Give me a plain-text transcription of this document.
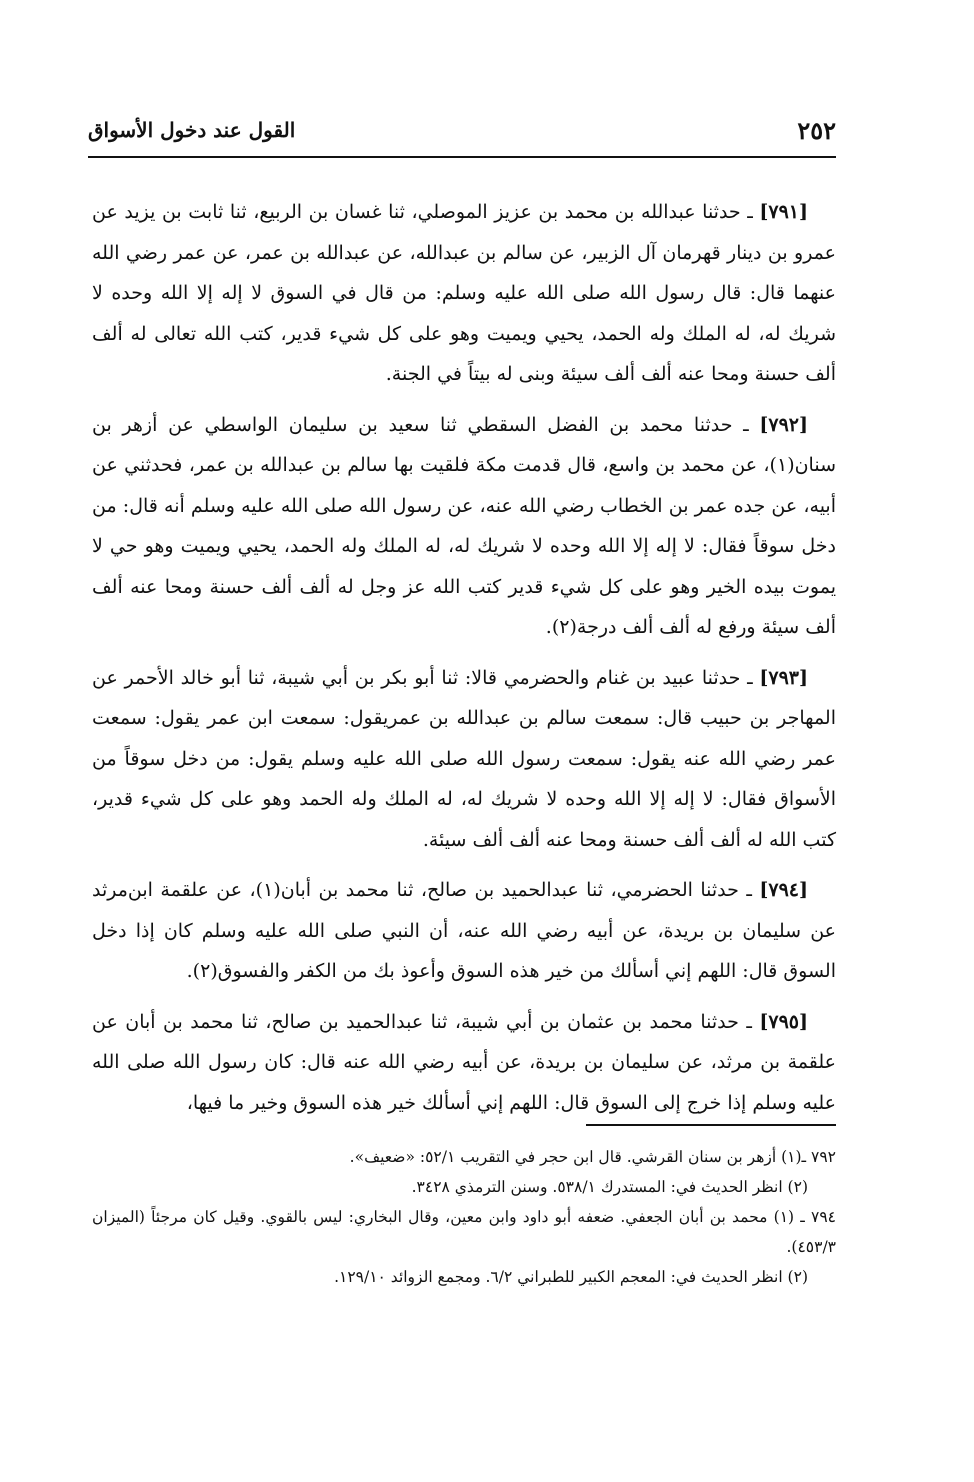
٢٥٢
القول عند دخول الأسواق

[٧٩١] ـ حدثنا عبدالله بن محمد بن عزيز الموصلي، ثنا غسان بن الربيع، ثنا ثابت بن يزيد عن عمرو بن دينار قهرمان آل الزبير، عن سالم بن عبدالله، عن عبدالله بن عمر، عن عمر رضي الله عنهما قال: قال رسول الله صلى الله عليه وسلم: من قال في السوق لا إله إلا الله وحده لا شريك له، له الملك وله الحمد، يحيي ويميت وهو على كل شيء قدير، كتب الله تعالى له ألف ألف حسنة ومحا عنه ألف ألف سيئة وبنى له بيتاً في الجنة.

[٧٩٢] ـ حدثنا محمد بن الفضل السقطي ثنا سعيد بن سليمان الواسطي عن أزهر بن سنان(١)، عن محمد بن واسع، قال قدمت مكة فلقيت بها سالم بن عبدالله بن عمر، فحدثني عن أبيه، عن جده عمر بن الخطاب رضي الله عنه، عن رسول الله صلى الله عليه وسلم أنه قال: من دخل سوقاً فقال: لا إله إلا الله وحده لا شريك له، له الملك وله الحمد، يحيي ويميت وهو حي لا يموت بيده الخير وهو على كل شيء قدير كتب الله عز وجل له ألف ألف حسنة ومحا عنه ألف ألف سيئة ورفع له ألف ألف درجة(٢).

[٧٩٣] ـ حدثنا عبيد بن غنام والحضرمي قالا: ثنا أبو بكر بن أبي شيبة، ثنا أبو خالد الأحمر عن المهاجر بن حبيب قال: سمعت سالم بن عبدالله بن عمريقول: سمعت ابن عمر يقول: سمعت عمر رضي الله عنه يقول: سمعت رسول الله صلى الله عليه وسلم يقول: من دخل سوقاً من الأسواق فقال: لا إله إلا الله وحده لا شريك له، له الملك وله الحمد وهو على كل شيء قدير، كتب الله له ألف ألف حسنة ومحا عنه ألف ألف سيئة.

[٧٩٤] ـ حدثنا الحضرمي، ثنا عبدالحميد بن صالح، ثنا محمد بن أبان(١)، عن علقمة ابن‌مرثد عن سليمان بن بريدة، عن أبيه رضي الله عنه، أن النبي صلى الله عليه وسلم كان إذا دخل السوق قال: اللهم إني أسألك من خير هذه السوق وأعوذ بك من الكفر والفسوق(٢).

[٧٩٥] ـ حدثنا محمد بن عثمان بن أبي شيبة، ثنا عبدالحميد بن صالح، ثنا محمد بن أبان عن علقمة بن مرثد، عن سليمان بن بريدة، عن أبيه رضي الله عنه قال: كان رسول الله صلى الله عليه وسلم إذا خرج إلى السوق قال: اللهم إني أسألك خير هذه السوق وخير ما فيها،

٧٩٢ ـ(١) أزهر بن سنان القرشي. قال ابن حجر في التقريب ٥٢/١: «ضعيف».

(٢) انظر الحديث في: المستدرك ٥٣٨/١. وسنن الترمذي ٣٤٢٨.

٧٩٤ ـ (١) محمد بن أبان الجعفي. ضعفه أبو داود وابن معين، وقال البخاري: ليس بالقوي. وقيل كان مرجئاً (الميزان ٤٥٣/٣).

(٢) انظر الحديث في: المعجم الكبير للطبراني ٦/٢. ومجمع الزوائد ١٢٩/١٠.
